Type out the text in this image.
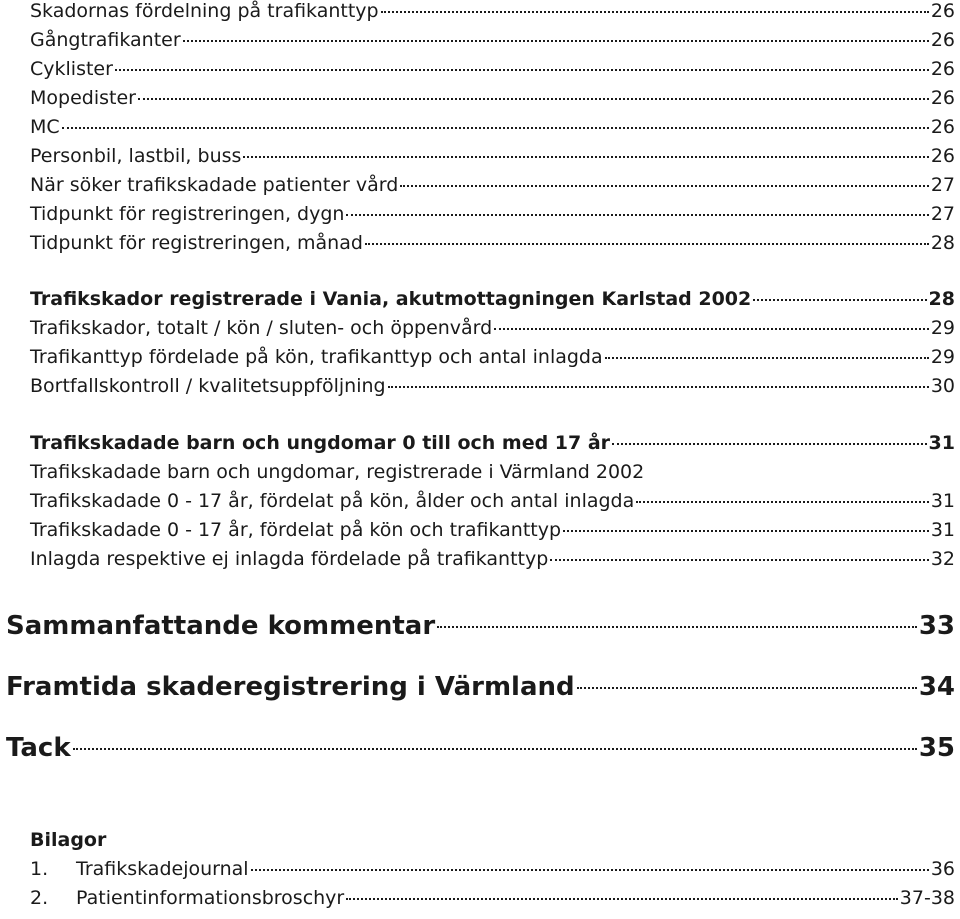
Skadornas fördelning på trafikanttyp	26
Gångtrafikanter	26
Cyklister	26
Mopedister	26
MC	26
Personbil, lastbil, buss	26
När söker trafikskadade patienter vård	27
Tidpunkt för registreringen, dygn	27
Tidpunkt för registreringen, månad	28
Trafikskador registrerade i Vania, akutmottagningen Karlstad 2002	28
Trafikskador, totalt / kön / sluten- och öppenvård	29
Trafikanttyp fördelade på kön, trafikanttyp och antal inlagda	29
Bortfallskontroll / kvalitetsuppföljning	30
Trafikskadade barn och ungdomar 0 till och med 17 år	31
Trafikskadade barn och ungdomar, registrerade i Värmland 2002
Trafikskadade 0 - 17 år, fördelat på kön, ålder och antal inlagda	31
Trafikskadade 0 - 17 år, fördelat på kön och trafikanttyp	31
Inlagda respektive ej inlagda fördelade på trafikanttyp	32
Sammanfattande kommentar	33
Framtida skaderegistrering i Värmland	34
Tack	35
Bilagor
1. Trafikskadejournal	36
2. Patientinformationsbroschyr	37-38
